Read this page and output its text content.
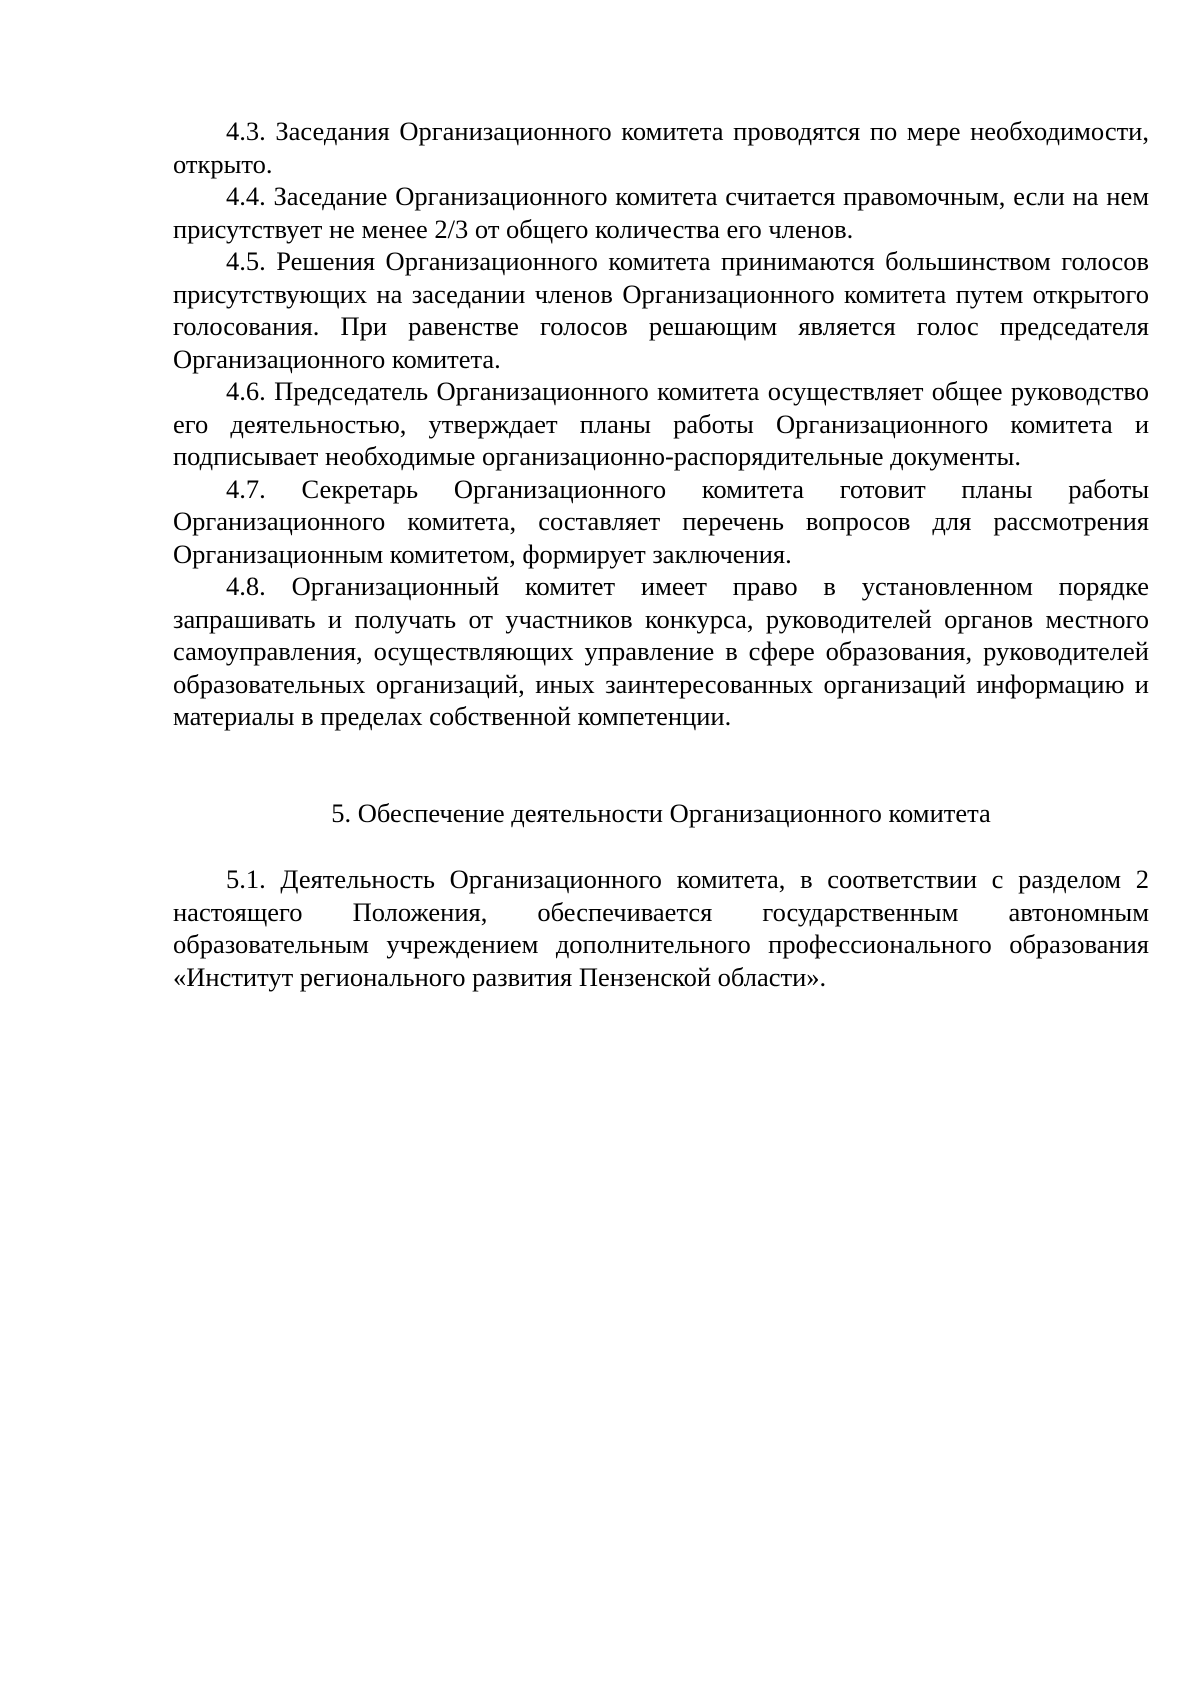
4.3. Заседания Организационного комитета проводятся по мере необходимости, открыто.

4.4. Заседание Организационного комитета считается правомочным, если на нем присутствует не менее 2/3 от общего количества его членов.

4.5. Решения Организационного комитета принимаются большинством голосов присутствующих на заседании членов Организационного комитета путем открытого голосования. При равенстве голосов решающим является голос председателя Организационного комитета.

4.6. Председатель Организационного комитета осуществляет общее руководство его деятельностью, утверждает планы работы Организационного комитета и подписывает необходимые организационно-распорядительные документы.

4.7. Секретарь Организационного комитета готовит планы работы Организационного комитета, составляет перечень вопросов для рассмотрения Организационным комитетом, формирует заключения.

4.8. Организационный комитет имеет право в установленном порядке запрашивать и получать от участников конкурса, руководителей органов местного самоуправления, осуществляющих управление в сфере образования, руководителей образовательных организаций, иных заинтересованных организаций информацию и материалы в пределах собственной компетенции.

5. Обеспечение деятельности Организационного комитета

5.1. Деятельность Организационного комитета, в соответствии с разделом 2 настоящего Положения, обеспечивается государственным автономным образовательным учреждением дополнительного профессионального образования «Институт регионального развития Пензенской области».
